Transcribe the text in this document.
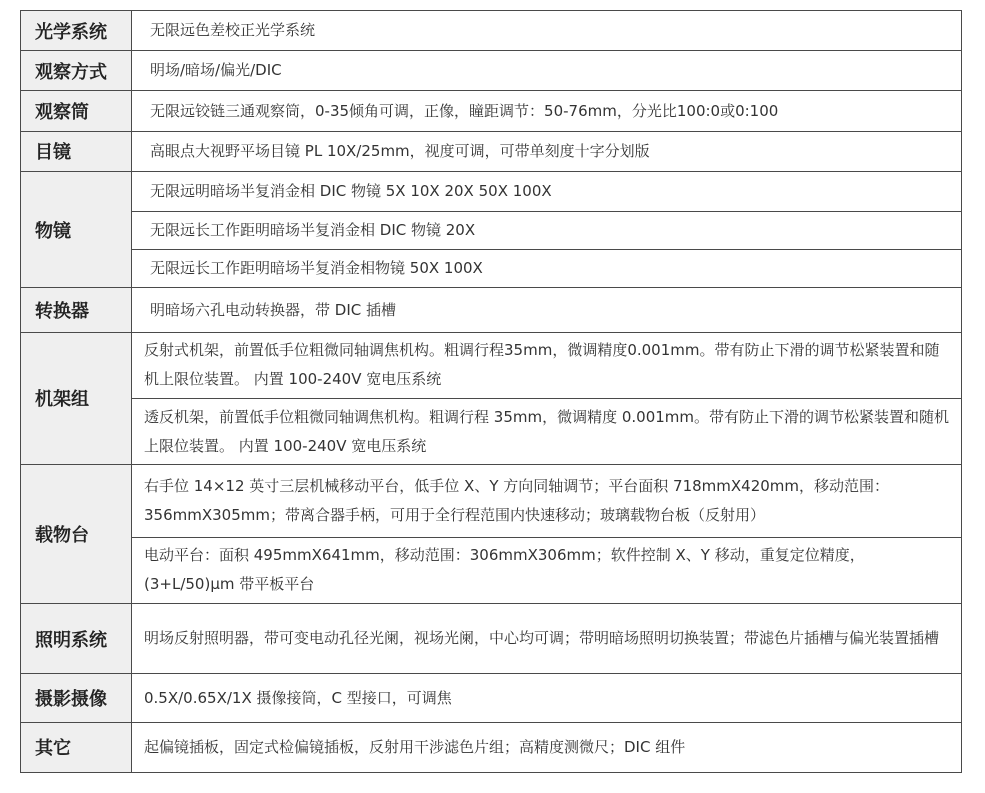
光学系统	无限远色差校正光学系统
观察方式	明场/暗场/偏光/DIC
观察筒	无限远铰链三通观察筒，0-35倾角可调，正像，瞳距调节：50-76mm，分光比100:0或0:100
目镜	高眼点大视野平场目镜 PL 10X/25mm，视度可调，可带单刻度十字分划版
物镜	无限远明暗场半复消金相 DIC 物镜 5X 10X 20X 50X 100X
	无限远长工作距明暗场半复消金相 DIC 物镜 20X
	无限远长工作距明暗场半复消金相物镜 50X 100X
转换器	明暗场六孔电动转换器，带 DIC 插槽
机架组	反射式机架，前置低手位粗微同轴调焦机构。粗调行程35mm，微调精度0.001mm。带有防止下滑的调节松紧装置和随机上限位装置。 内置 100-240V 宽电压系统
	透反机架，前置低手位粗微同轴调焦机构。粗调行程 35mm，微调精度 0.001mm。带有防止下滑的调节松紧装置和随机上限位装置。 内置 100-240V 宽电压系统
载物台	右手位 14×12 英寸三层机械移动平台，低手位 X、Y 方向同轴调节；平台面积 718mmX420mm，移动范围：356mmX305mm；带离合器手柄，可用于全行程范围内快速移动；玻璃载物台板（反射用）
	电动平台：面积 495mmX641mm，移动范围：306mmX306mm；软件控制 X、Y 移动，重复定位精度，(3+L/50)μm 带平板平台
照明系统	明场反射照明器，带可变电动孔径光阑，视场光阑，中心均可调；带明暗场照明切换装置；带滤色片插槽与偏光装置插槽
摄影摄像	0.5X/0.65X/1X 摄像接筒，C 型接口，可调焦
其它	起偏镜插板，固定式检偏镜插板，反射用干涉滤色片组；高精度测微尺；DIC 组件
